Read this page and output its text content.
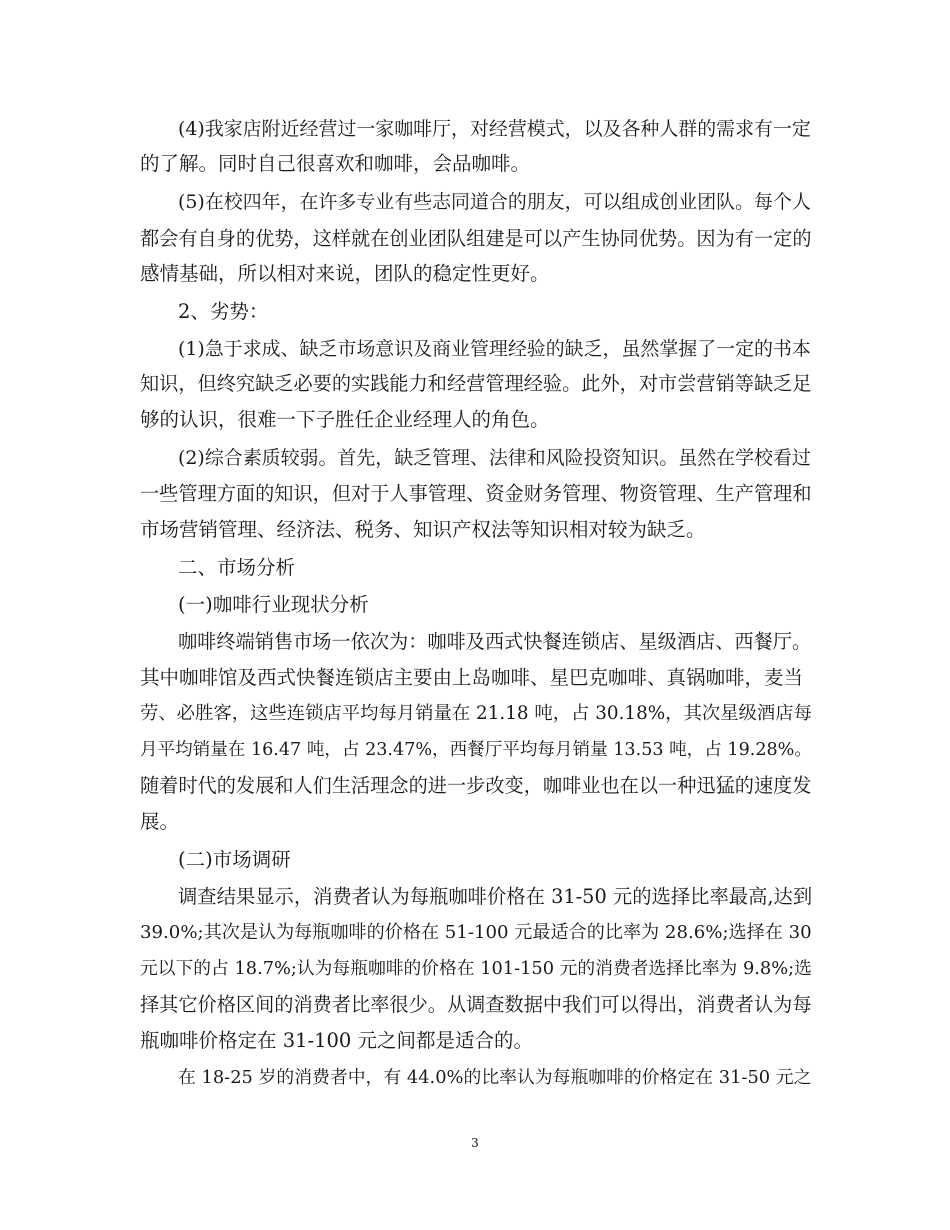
(4)我家店附近经营过一家咖啡厅，对经营模式，以及各种人群的需求有一定
的了解。同时自己很喜欢和咖啡，会品咖啡。
(5)在校四年，在许多专业有些志同道合的朋友，可以组成创业团队。每个人
都会有自身的优势，这样就在创业团队组建是可以产生协同优势。因为有一定的
感情基础，所以相对来说，团队的稳定性更好。
2、劣势：
(1)急于求成、缺乏市场意识及商业管理经验的缺乏，虽然掌握了一定的书本
知识，但终究缺乏必要的实践能力和经营管理经验。此外，对市尝营销等缺乏足
够的认识，很难一下子胜任企业经理人的角色。
(2)综合素质较弱。首先，缺乏管理、法律和风险投资知识。虽然在学校看过
一些管理方面的知识，但对于人事管理、资金财务管理、物资管理、生产管理和
市场营销管理、经济法、税务、知识产权法等知识相对较为缺乏。
二、市场分析
(一)咖啡行业现状分析
咖啡终端销售市场一依次为：咖啡及西式快餐连锁店、星级酒店、西餐厅。
其中咖啡馆及西式快餐连锁店主要由上岛咖啡、星巴克咖啡、真锅咖啡，麦当
劳、必胜客，这些连锁店平均每月销量在 21.18 吨，占 30.18%，其次星级酒店每
月平均销量在 16.47 吨，占 23.47%，西餐厅平均每月销量 13.53 吨，占 19.28%。
随着时代的发展和人们生活理念的进一步改变，咖啡业也在以一种迅猛的速度发
展。
(二)市场调研
调查结果显示，消费者认为每瓶咖啡价格在 31-50 元的选择比率最高,达到
39.0%;其次是认为每瓶咖啡的价格在 51-100 元最适合的比率为 28.6%;选择在 30
元以下的占 18.7%;认为每瓶咖啡的价格在 101-150 元的消费者选择比率为 9.8%;选
择其它价格区间的消费者比率很少。从调查数据中我们可以得出，消费者认为每
瓶咖啡价格定在 31-100 元之间都是适合的。
在 18-25 岁的消费者中，有 44.0%的比率认为每瓶咖啡的价格定在 31-50 元之
3
